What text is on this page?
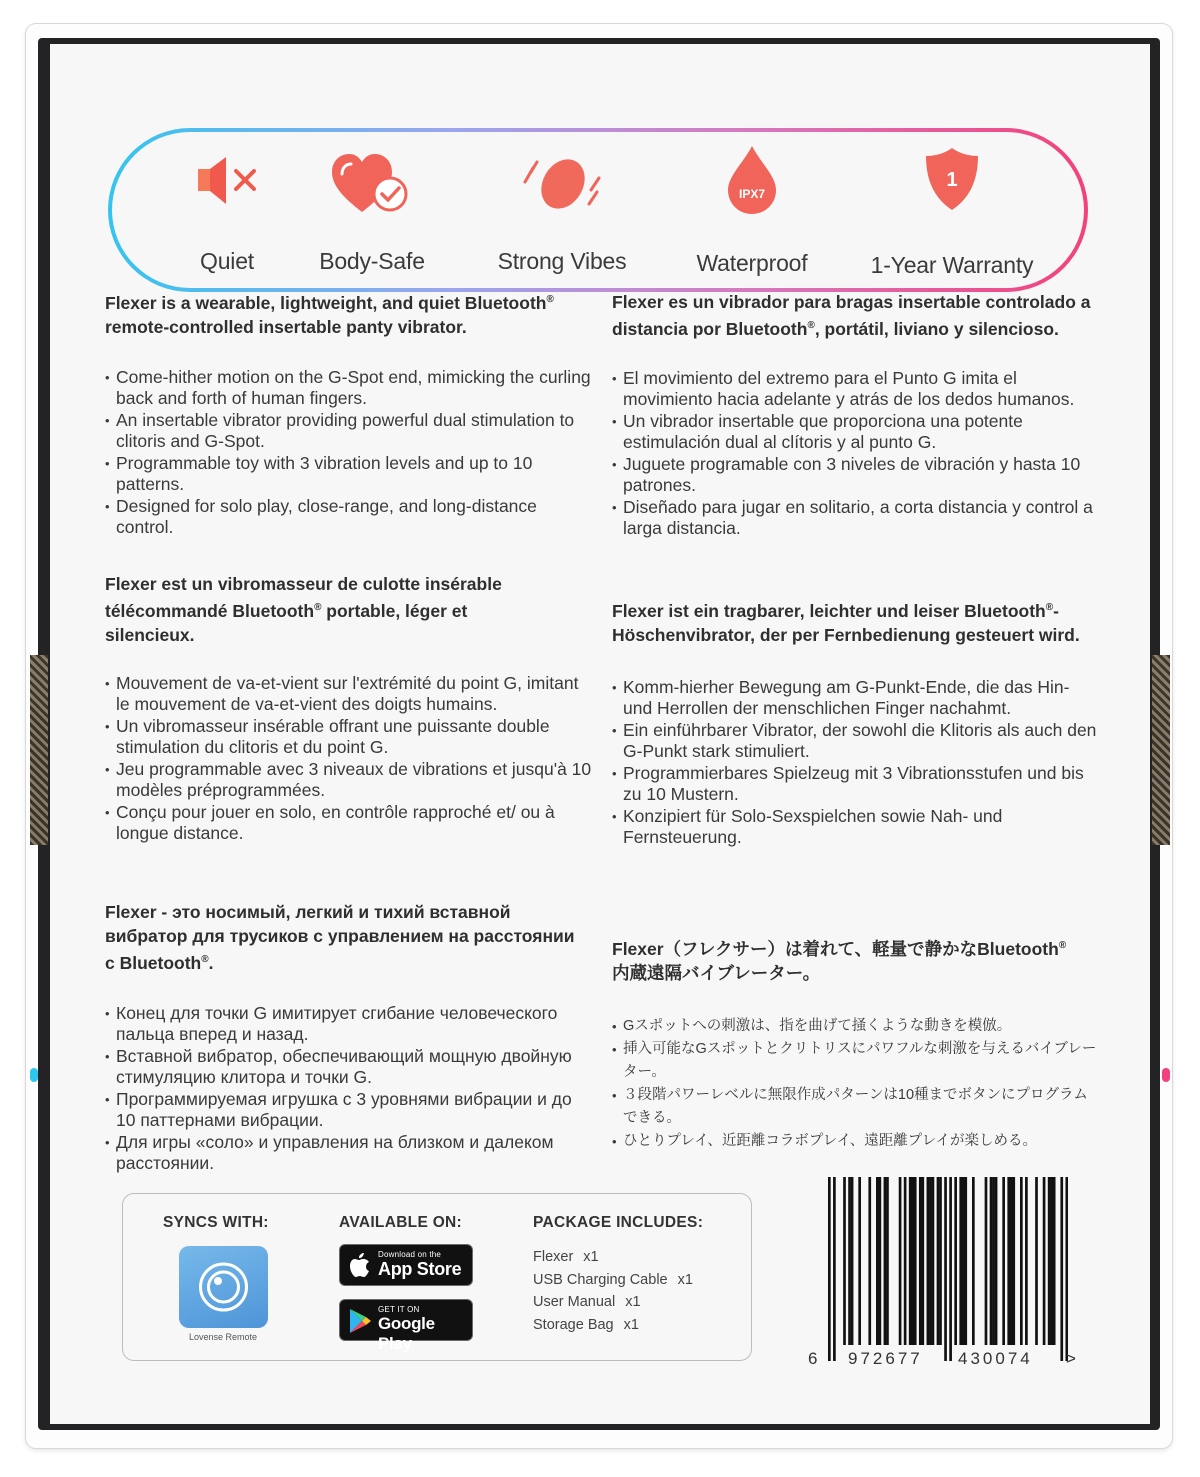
Quiet	Body-Safe	Strong Vibes
IPX7
Waterproof
1
1-Year Warranty

Flexer is a wearable, lightweight, and quiet Bluetooth®
remote-controlled insertable panty vibrator.

• Come-hither motion on the G-Spot end, mimicking the curling back and forth of human fingers.
• An insertable vibrator providing powerful dual stimulation to clitoris and G-Spot.
• Programmable toy with 3 vibration levels and up to 10 patterns.
• Designed for solo play, close-range, and long-distance control.

Flexer es un vibrador para bragas insertable controlado a distancia por Bluetooth®, portátil, liviano y silencioso.

• El movimiento del extremo para el Punto G imita el movimiento hacia adelante y atrás de los dedos humanos.
• Un vibrador insertable que proporciona una potente estimulación dual al clítoris y al punto G.
• Juguete programable con 3 niveles de vibración y hasta 10 patrones.
• Diseñado para jugar en solitario, a corta distancia y control a larga distancia.

Flexer est un vibromasseur de culotte insérable télécommandé Bluetooth® portable, léger et silencieux.

• Mouvement de va-et-vient sur l'extrémité du point G, imitant le mouvement de va-et-vient des doigts humains.
• Un vibromasseur insérable offrant une puissante double stimulation du clitoris et du point G.
• Jeu programmable avec 3 niveaux de vibrations et jusqu'à 10 modèles préprogrammées.
• Conçu pour jouer en solo, en contrôle rapproché et/ ou à longue distance.

Flexer ist ein tragbarer, leichter und leiser Bluetooth®-Höschenvibrator, der per Fernbedienung gesteuert wird.

• Komm-hierher Bewegung am G-Punkt-Ende, die das Hin- und Herrollen der menschlichen Finger nachahmt.
• Ein einführbarer Vibrator, der sowohl die Klitoris als auch den G-Punkt stark stimuliert.
• Programmierbares Spielzeug mit 3 Vibrationsstufen und bis zu 10 Mustern.
• Konzipiert für Solo-Sexspielchen sowie Nah- und Fernsteuerung.

Flexer - это носимый, легкий и тихий вставной вибратор для трусиков с управлением на расстоянии с Bluetooth®.

• Конец для точки G имитирует сгибание человеческого пальца вперед и назад.
• Вставной вибратор, обеспечивающий мощную двойную стимуляцию клитора и точки G.
• Программируемая игрушка с 3 уровнями вибрации и до 10 паттернами вибрации.
• Для игры «соло» и управления на близком и далеком расстоянии.

Flexer（フレクサー）は着れて、軽量で静かなBluetooth®
内蔵遠隔バイブレーター。

• Gスポットへの刺激は、指を曲げて掻くような動きを模倣。
• 挿入可能なGスポットとクリトリスにパワフルな刺激を与えるバイブレーター。
• ３段階パワーレベルに無限作成パターンは10種までボタンにプログラムできる。
• ひとりプレイ、近距離コラボプレイ、遠距離プレイが楽しめる。
SYNCS WITH:
Lovense Remote
AVAILABLE ON:
Download on the
App Store
GET IT ON
Google Play
PACKAGE INCLUDES:
Flexer x1
USB Charging Cable x1
User Manual x1
Storage Bag x1
6 972677 430074 >
